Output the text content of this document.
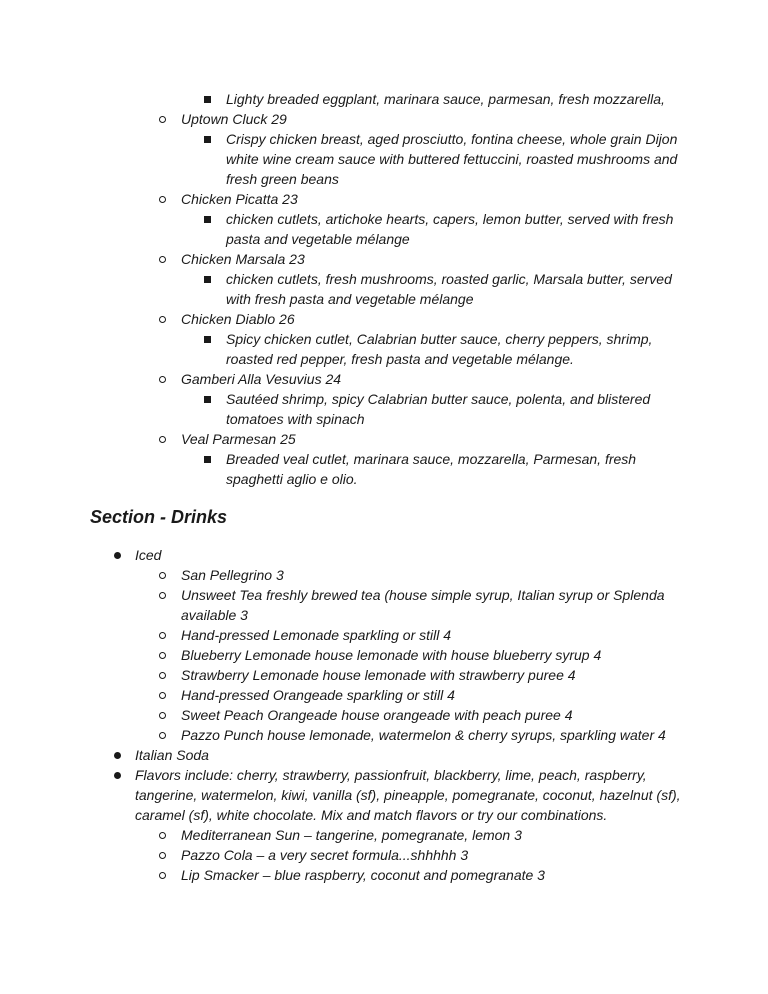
Lighty breaded eggplant, marinara sauce, parmesan, fresh mozzarella,
Uptown Cluck 29
Crispy chicken breast, aged prosciutto, fontina cheese, whole grain Dijon
white wine cream sauce with buttered fettuccini, roasted mushrooms and
fresh green beans
Chicken Picatta 23
chicken cutlets, artichoke hearts, capers, lemon butter, served with fresh
pasta and vegetable mélange
Chicken Marsala 23
chicken cutlets, fresh mushrooms, roasted garlic, Marsala butter, served
with fresh pasta and vegetable mélange
Chicken Diablo 26
Spicy chicken cutlet, Calabrian butter sauce, cherry peppers, shrimp,
roasted red pepper, fresh pasta and vegetable mélange.
Gamberi Alla Vesuvius 24
Sautéed shrimp, spicy Calabrian butter sauce, polenta, and blistered
tomatoes with spinach
Veal Parmesan 25
Breaded veal cutlet, marinara sauce, mozzarella, Parmesan, fresh
spaghetti aglio e olio.
Section - Drinks
Iced
San Pellegrino 3
Unsweet Tea freshly brewed tea (house simple syrup, Italian syrup or Splenda
available 3
Hand-pressed Lemonade sparkling or still 4
Blueberry Lemonade house lemonade with house blueberry syrup 4
Strawberry Lemonade house lemonade with strawberry puree 4
Hand-pressed Orangeade sparkling or still 4
Sweet Peach Orangeade house orangeade with peach puree 4
Pazzo Punch house lemonade, watermelon & cherry syrups, sparkling water 4
Italian Soda
Flavors include: cherry, strawberry, passionfruit, blackberry, lime, peach, raspberry,
tangerine, watermelon, kiwi, vanilla (sf), pineapple, pomegranate, coconut, hazelnut (sf),
caramel (sf), white chocolate. Mix and match flavors or try our combinations.
Mediterranean Sun – tangerine, pomegranate, lemon 3
Pazzo Cola – a very secret formula...shhhhh 3
Lip Smacker – blue raspberry, coconut and pomegranate 3
